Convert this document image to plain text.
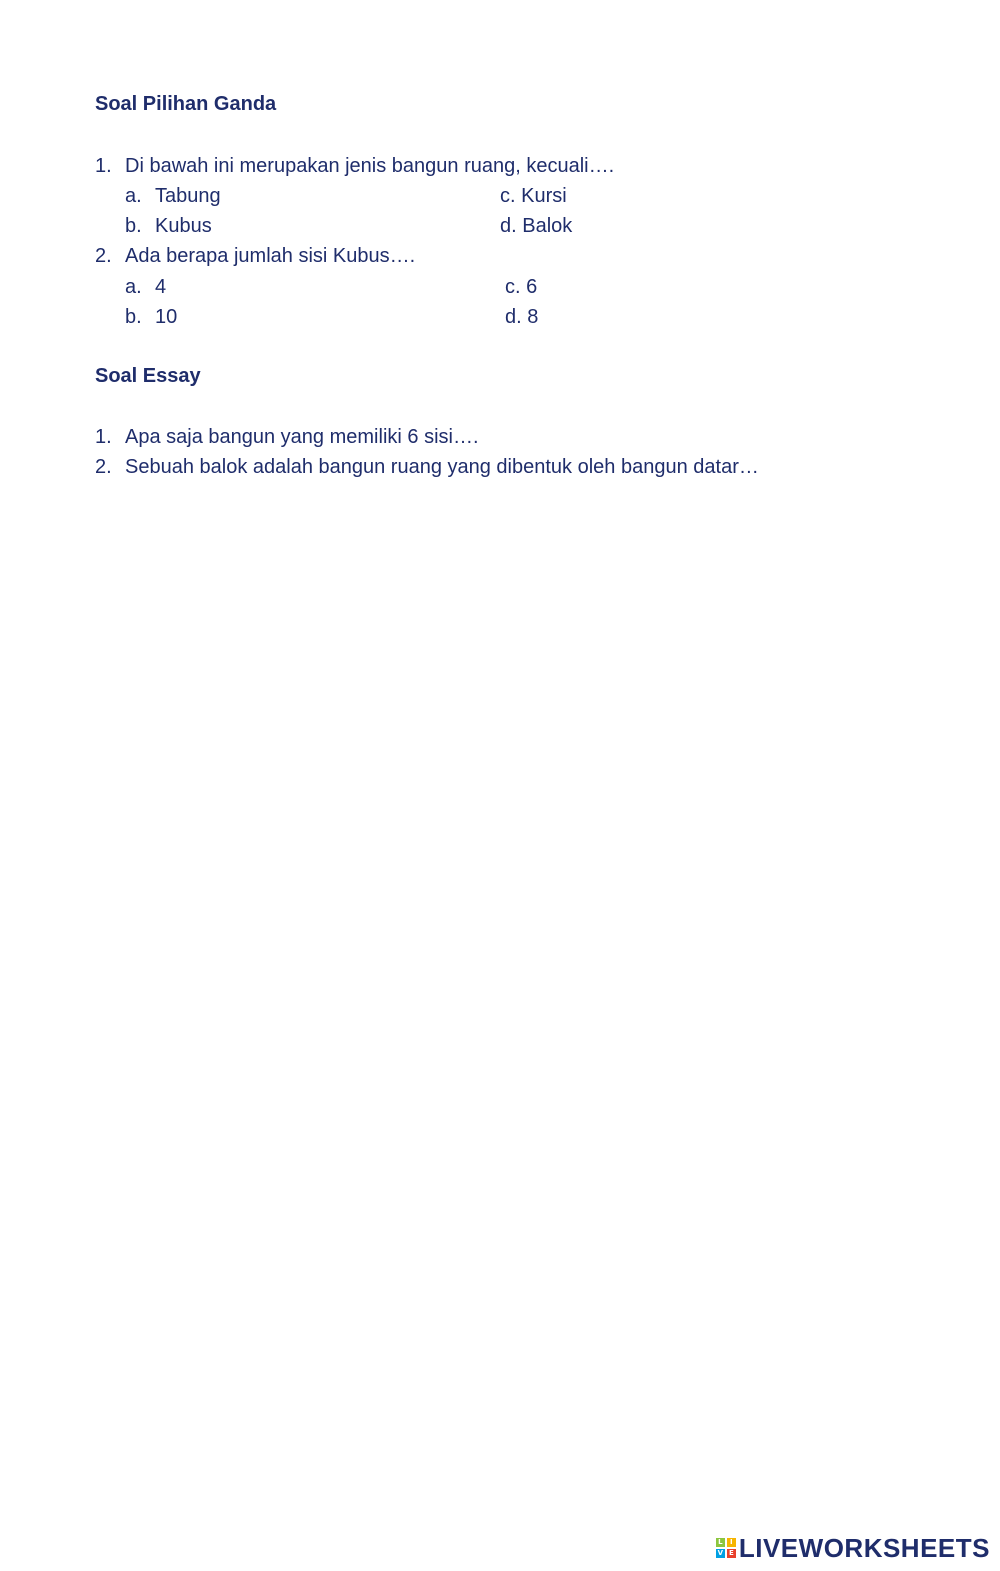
Soal Pilihan Ganda
1. Di bawah ini merupakan jenis bangun ruang, kecuali….
a. Tabung	c. Kursi
b. Kubus	d. Balok
2. Ada berapa jumlah sisi Kubus….
a. 4	c. 6
b. 10	d. 8
Soal Essay
1. Apa saja bangun yang memiliki 6 sisi….
2. Sebuah balok adalah bangun ruang yang dibentuk oleh bangun datar…
L	I
V E LIVEWORKSHEETS
